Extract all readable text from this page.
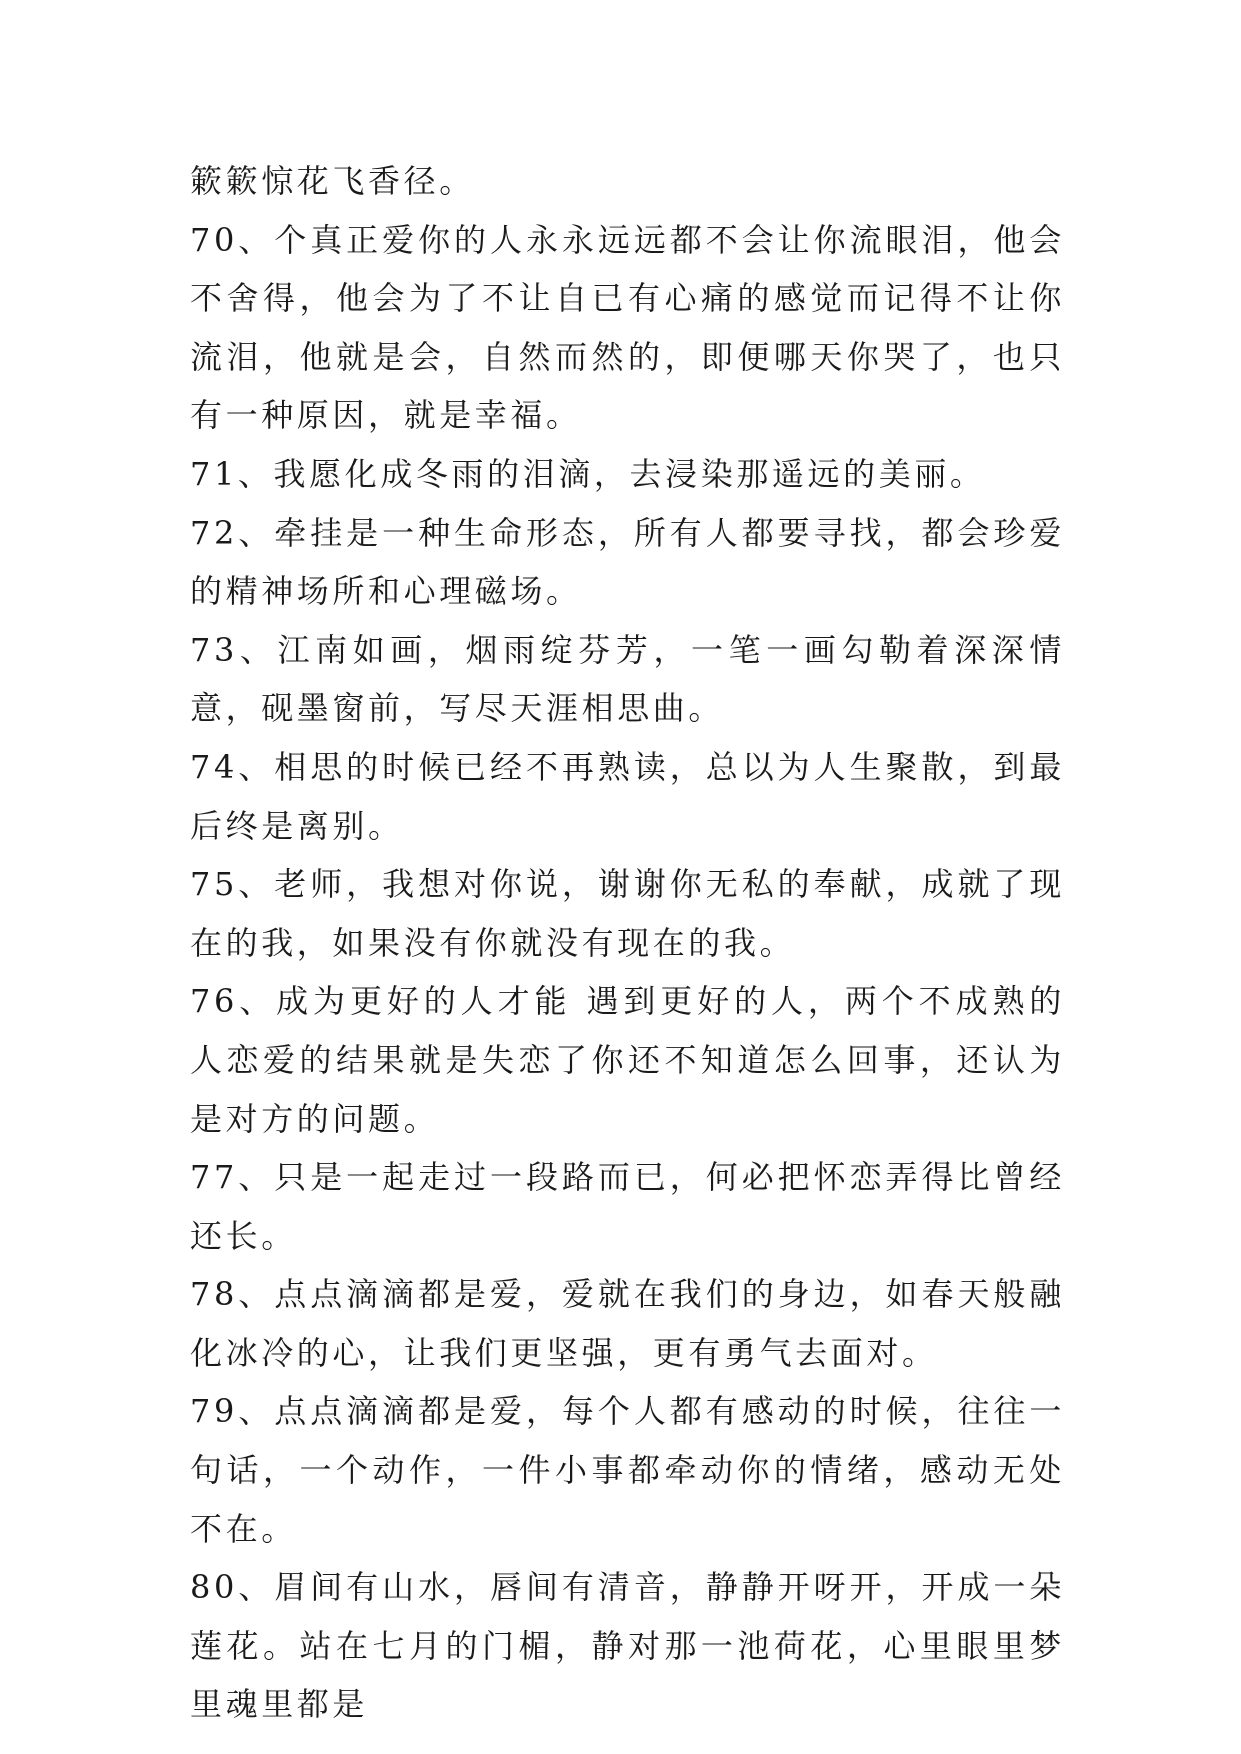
簌簌惊花飞香径。

70、个真正爱你的人永永远远都不会让你流眼泪，他会不舍得，他会为了不让自已有心痛的感觉而记得不让你流泪，他就是会，自然而然的，即便哪天你哭了，也只有一种原因，就是幸福。

71、我愿化成冬雨的泪滴，去浸染那遥远的美丽。

72、牵挂是一种生命形态，所有人都要寻找，都会珍爱的精神场所和心理磁场。

73、江南如画，烟雨绽芬芳，一笔一画勾勒着深深情意，砚墨窗前，写尽天涯相思曲。

74、相思的时候已经不再熟读，总以为人生聚散，到最后终是离别。

75、老师，我想对你说，谢谢你无私的奉献，成就了现在的我，如果没有你就没有现在的我。

76、成为更好的人才能 遇到更好的人，两个不成熟的人恋爱的结果就是失恋了你还不知道怎么回事，还认为是对方的问题。

77、只是一起走过一段路而已，何必把怀恋弄得比曾经还长。

78、点点滴滴都是爱，爱就在我们的身边，如春天般融化冰冷的心，让我们更坚强，更有勇气去面对。

79、点点滴滴都是爱，每个人都有感动的时候，往往一句话，一个动作，一件小事都牵动你的情绪，感动无处不在。

80、眉间有山水，唇间有清音，静静开呀开，开成一朵莲花。站在七月的门楣，静对那一池荷花，心里眼里梦里魂里都是
